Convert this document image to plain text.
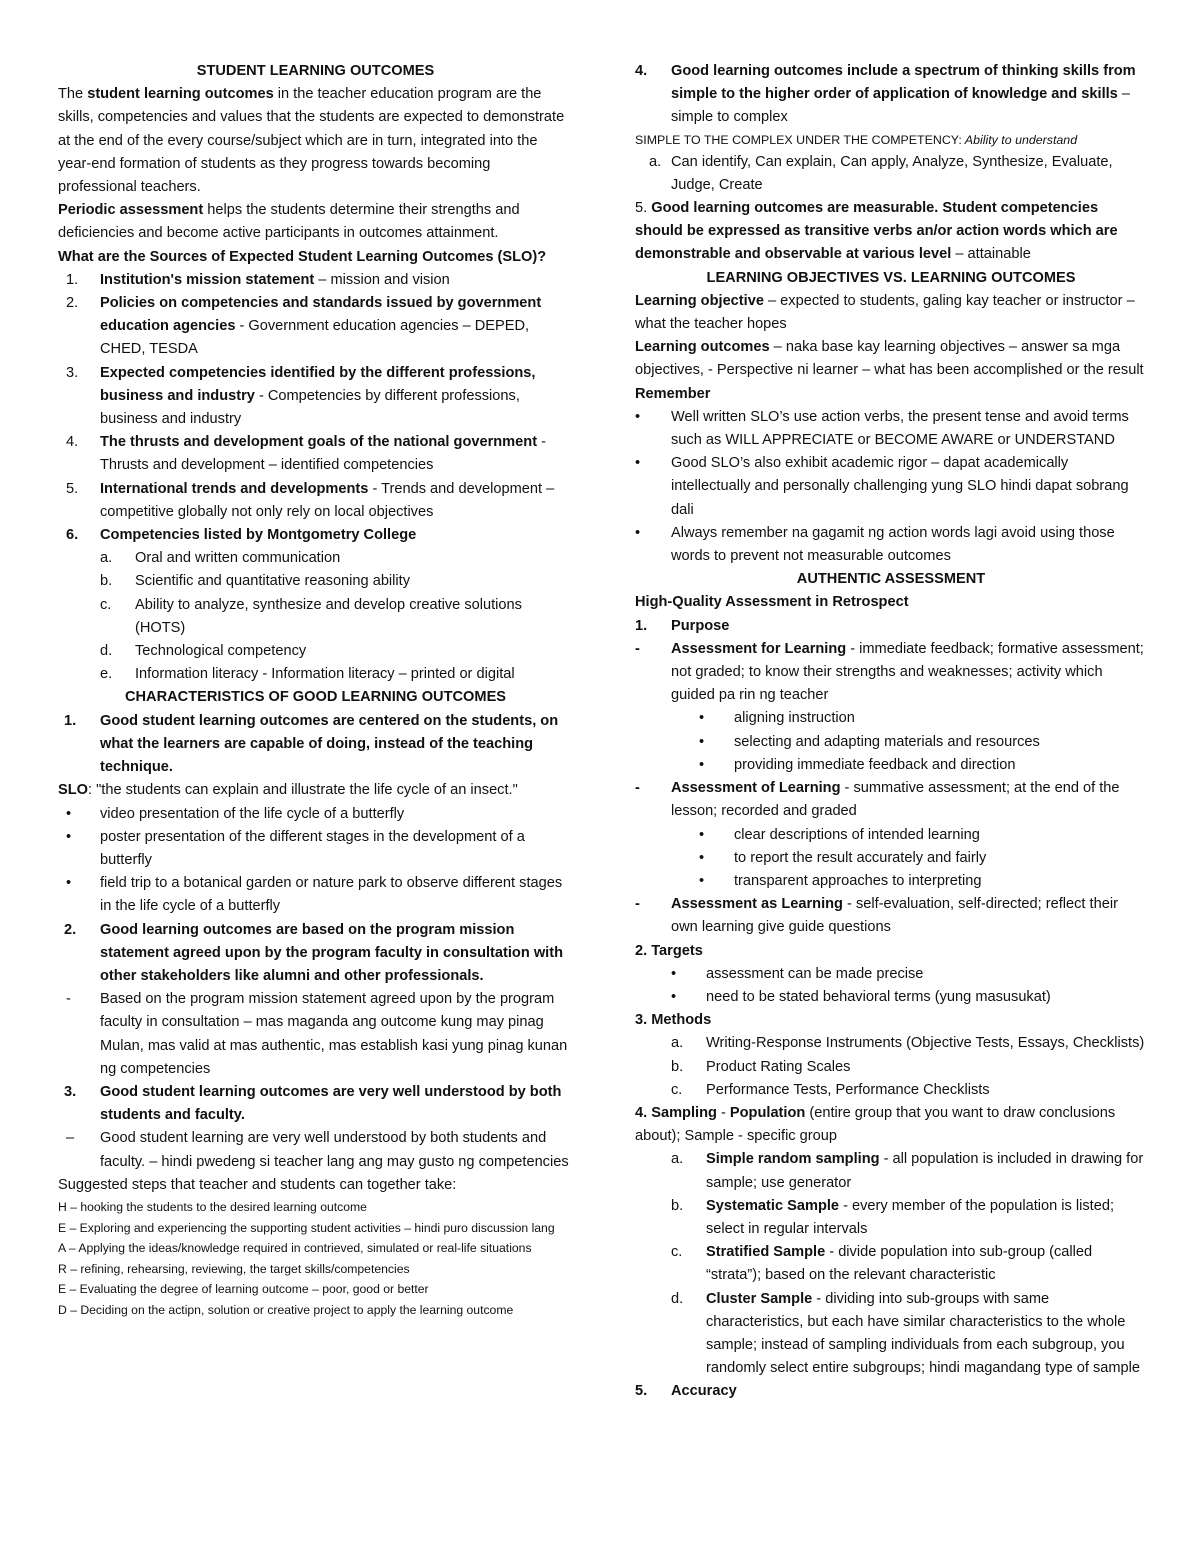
STUDENT LEARNING OUTCOMES

The student learning outcomes in the teacher education program are the skills, competencies and values that the students are expected to demonstrate at the end of the every course/subject which are in turn, integrated into the year-end formation of students as they progress towards becoming professional teachers.

Periodic assessment helps the students determine their strengths and deficiencies and become active participants in outcomes attainment.

What are the Sources of Expected Student Learning Outcomes (SLO)?

1.	Institution's mission statement – mission and vision
2.	Policies on competencies and standards issued by government education agencies - Government education agencies – DEPED, CHED, TESDA
3.	Expected competencies identified by the different professions, business and industry - Competencies by different professions, business and industry
4.	The thrusts and development goals of the national government - Thrusts and development – identified competencies
5.	International trends and developments - Trends and development – competitive globally not only rely on local objectives
6.	Competencies listed by Montgometry College
a.	Oral and written communication
b.	Scientific and quantitative reasoning ability
c.	Ability to analyze, synthesize and develop creative solutions (HOTS)
d.	Technological competency
e.	Information literacy - Information literacy – printed or digital

CHARACTERISTICS OF GOOD LEARNING OUTCOMES

1.	Good student learning outcomes are centered on the students, on what the learners are capable of doing, instead of the teaching technique.

SLO: "the students can explain and illustrate the life cycle of an insect."

•	video presentation of the life cycle of a butterfly
•	poster presentation of the different stages in the development of a butterfly
•	field trip to a botanical garden or nature park to observe different stages in the life cycle of a butterfly
2.	Good learning outcomes are based on the program mission statement agreed upon by the program faculty in consultation with other stakeholders like alumni and other professionals.
-	Based on the program mission statement agreed upon by the program faculty in consultation – mas maganda ang outcome kung may pinag Mulan, mas valid at mas authentic, mas establish kasi yung pinag kunan ng competencies
3.	Good student learning outcomes are very well understood by both students and faculty.
–	Good student learning are very well understood by both students and faculty. – hindi pwedeng si teacher lang ang may gusto ng competencies

Suggested steps that teacher and students can together take:

H – hooking the students to the desired learning outcome

E – Exploring and experiencing the supporting student activities – hindi puro discussion lang

A – Applying the ideas/knowledge required in contrieved, simulated or real-life situations

R – refining, rehearsing, reviewing, the target skills/competencies

E – Evaluating the degree of learning outcome – poor, good or better

D – Deciding on the actipn, solution or creative project to apply the learning outcome

4.	Good learning outcomes include a spectrum of thinking skills from simple to the higher order of application of knowledge and skills – simple to complex

SIMPLE TO THE COMPLEX UNDER THE COMPETENCY: Ability to understand

a. Can identify, Can explain, Can apply, Analyze, Synthesize, Evaluate, Judge, Create

5. Good learning outcomes are measurable. Student competencies should be expressed as transitive verbs an/or action words which are demonstrable and observable at various level – attainable

LEARNING OBJECTIVES VS. LEARNING OUTCOMES

Learning objective – expected to students, galing kay teacher or instructor – what the teacher hopes

Learning outcomes – naka base kay learning objectives – answer sa mga objectives, - Perspective ni learner – what has been accomplished or the result

Remember

•	Well written SLO’s use action verbs, the present tense and avoid terms such as WILL APPRECIATE or BECOME AWARE or UNDERSTAND
•	Good SLO’s also exhibit academic rigor – dapat academically intellectually and personally challenging yung SLO hindi dapat sobrang dali
•	Always remember na gagamit ng action words lagi avoid using those words to prevent not measurable outcomes

AUTHENTIC ASSESSMENT

High-Quality Assessment in Retrospect

1.	Purpose
-	Assessment for Learning - immediate feedback; formative assessment; not graded; to know their strengths and weaknesses; activity which guided pa rin ng teacher
•	aligning instruction
•	selecting and adapting materials and resources
•	providing immediate feedback and direction
-	Assessment of Learning - summative assessment; at the end of the lesson; recorded and graded
•	clear descriptions of intended learning
•	to report the result accurately and fairly
•	transparent approaches to interpreting
-	Assessment as Learning - self-evaluation, self-directed; reflect their own learning give guide questions

2. Targets

•	assessment can be made precise
•	need to be stated behavioral terms (yung masusukat)

3. Methods

a.	Writing-Response Instruments (Objective Tests, Essays, Checklists)
b.	Product Rating Scales
c.	Performance Tests, Performance Checklists

4. Sampling - Population (entire group that you want to draw conclusions about); Sample - specific group

a.	Simple random sampling - all population is included in drawing for sample; use generator
b.	Systematic Sample - every member of the population is listed; select in regular intervals
c.	Stratified Sample - divide population into sub-group (called “strata”); based on the relevant characteristic
d.	Cluster Sample - dividing into sub-groups with same characteristics, but each have similar characteristics to the whole sample; instead of sampling individuals from each subgroup, you randomly select entire subgroups; hindi magandang type of sample
5.	Accuracy
